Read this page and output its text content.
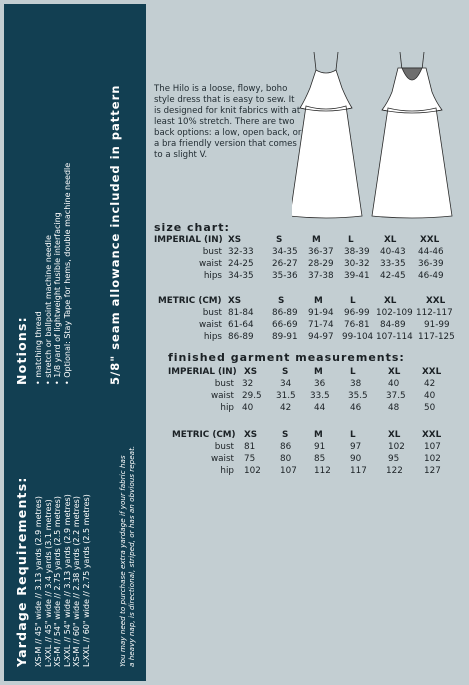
Yardage Requirements: XS-M // 45" wide // 3.13 yards (2.9 metres) L-XXL // 45" wide // 3.4 yards (3.1 metres) XS-M // 54" wide // 2.75 yards (2.5 metres) L-XXL // 54" wide // 3.13 yards (2.9 metres) XS-M // 60" wide // 2.38 yards (2.2 metres) L-XXL // 60" wide // 2.75 yards (2.5 metres)	You may need to purchase extra yardage if your fabric has a heavy nap, is directional, striped, or has an obvious repeat.
Notions: • matching thread • stretch or ballpoint machine needle • 1/8 yard of lightweight fusible interfacing • Optional: Stay Tape for hems, double machine needle	5/8" seam allowance included in pattern	The Hilo is a loose, flowy, boho style dress that is easy to sew. It is designed for knit fabrics with at least 10% stretch. There are two back options: a low, open back, or a bra friendly version that comes to a slight V.
size chart:
IMPERIAL (IN) XS	S	M	L	XL	XXL
bust 32-33 34-35 36-37 38-39 40-43 44-46
waist 24-25 26-27 28-29 30-32 33-35 36-39
hips 34-35 35-36 37-38 39-41 42-45 46-49
METRIC (CM) XS	S	M	L	XL	XXL
bust 81-84 86-89 91-94 96-99 102-109 112-117
waist 61-64 66-69 71-74 76-81 84-89 91-99
hips 86-89 89-91 94-97 99-104 107-114 117-125
finished garment measurements:
IMPERIAL (IN) XS	S	M	L	XL XXL
bust 32	34	36	38	40	42
waist 29.5 31.5 33.5 35.5 37.5 40
hip 40	42	44	46	48	50
METRIC (CM) XS	S	M	L	XL XXL
bust 81	86	91	97	102 107
waist 75	80	85	90	95	102
hip 102 107 112 117 122 127
